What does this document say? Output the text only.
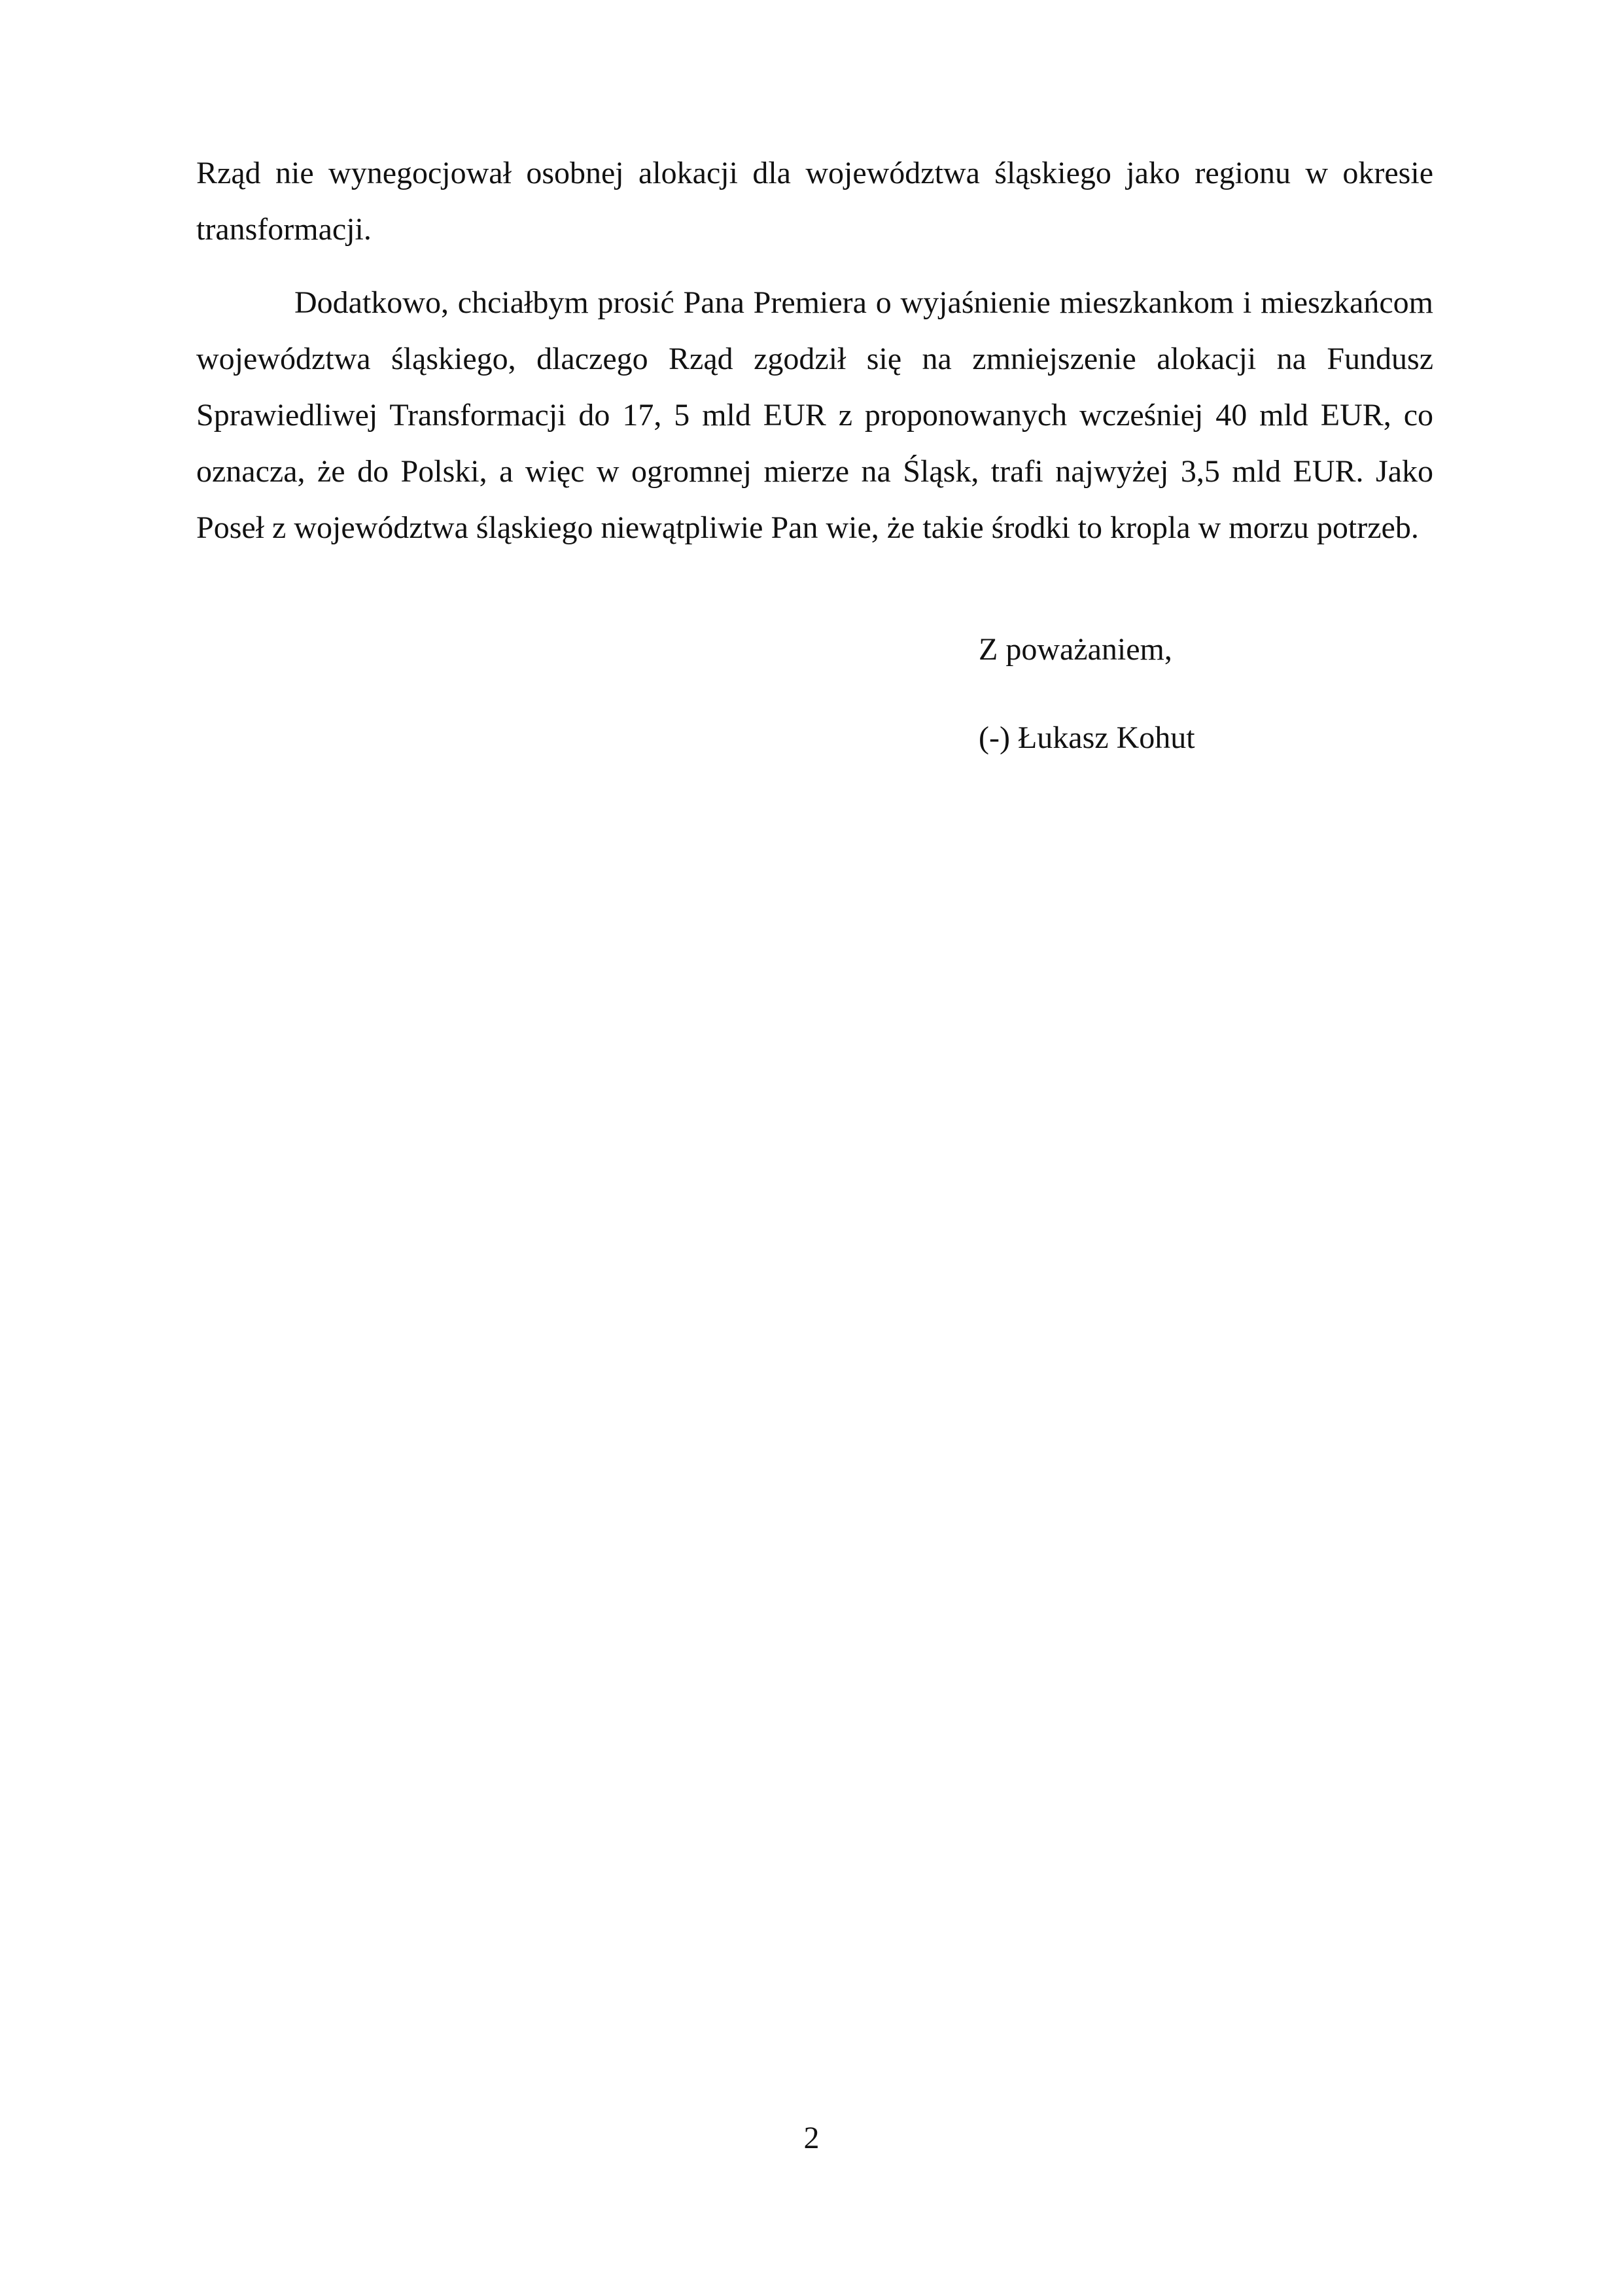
Rząd nie wynegocjował osobnej alokacji dla województwa śląskiego jako regionu w okresie transformacji.

Dodatkowo, chciałbym prosić Pana Premiera o wyjaśnienie mieszkankom i mieszkańcom województwa śląskiego, dlaczego Rząd zgodził się na zmniejszenie alokacji na Fundusz Sprawiedliwej Transformacji do 17, 5 mld EUR z proponowanych wcześniej 40 mld EUR, co oznacza, że do Polski, a więc w ogromnej mierze na Śląsk, trafi najwyżej 3,5 mld EUR. Jako Poseł z województwa śląskiego niewątpliwie Pan wie, że takie środki to kropla w morzu potrzeb.

Z poważaniem,
(-) Łukasz Kohut
2
